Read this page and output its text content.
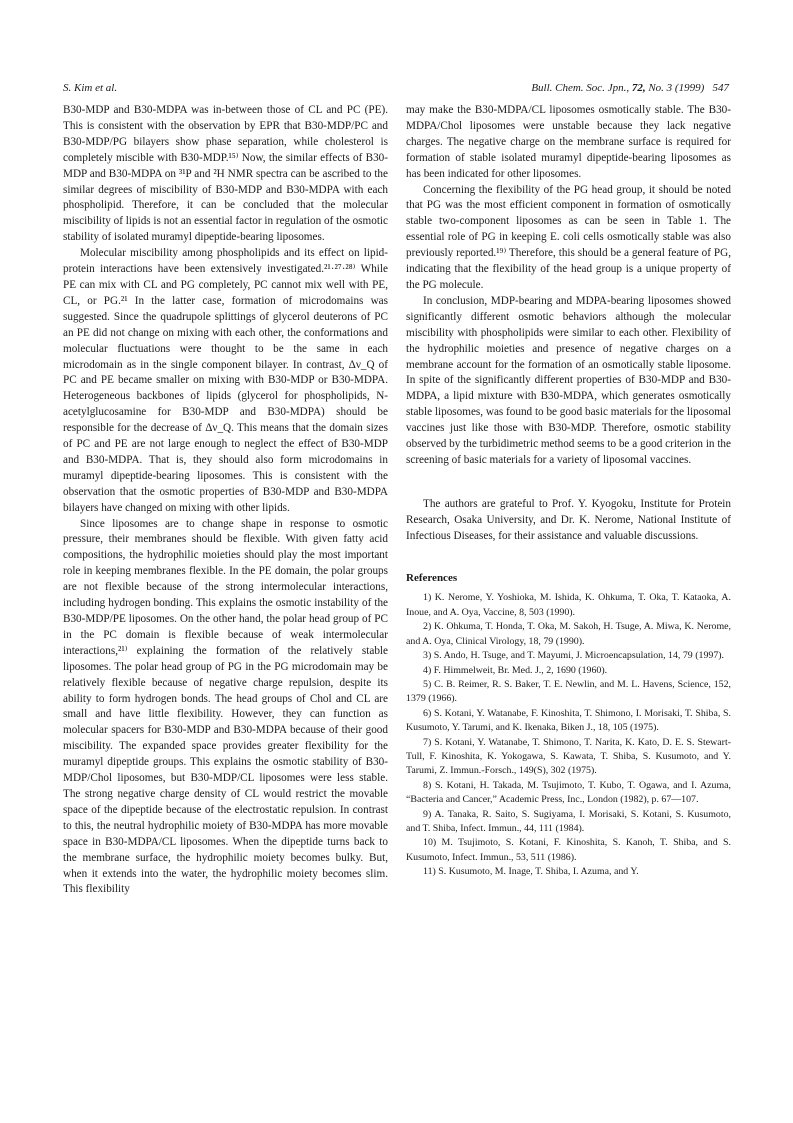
S. Kim et al.	Bull. Chem. Soc. Jpn., 72, No. 3 (1999) 547

B30-MDP and B30-MDPA was in-between those of CL and PC (PE). This is consistent with the observation by EPR that B30-MDP/PC and B30-MDP/PG bilayers show phase separation, while cholesterol is completely miscible with B30-MDP.¹⁵⁾ Now, the similar effects of B30-MDP and B30-MDPA on ³¹P and ²H NMR spectra can be ascribed to the similar degrees of miscibility of B30-MDP and B30-MDPA with each phospholipid. Therefore, it can be concluded that the molecular miscibility of lipids is not an essential factor in regulation of the osmotic stability of isolated muramyl dipeptide-bearing liposomes.

Molecular miscibility among phospholipids and its effect on lipid-protein interactions have been extensively investigated.²¹·²⁷·²⁸⁾ While PE can mix with CL and PG completely, PC cannot mix well with PE, CL, or PG.²¹ In the latter case, formation of microdomains was suggested. Since the quadrupole splittings of glycerol deuterons of PC an PE did not change on mixing with each other, the conformations and molecular fluctuations were thought to be the same in each microdomain as in the single component bilayer. In contrast, Δν_Q of PC and PE became smaller on mixing with B30-MDP or B30-MDPA. Heterogeneous backbones of lipids (glycerol for phospholipids, N-acetylglucosamine for B30-MDP and B30-MDPA) should be responsible for the decrease of Δν_Q. This means that the domain sizes of PC and PE are not large enough to neglect the effect of B30-MDP and B30-MDPA. That is, they should also form microdomains in muramyl dipeptide-bearing liposomes. This is consistent with the observation that the osmotic properties of B30-MDP and B30-MDPA bilayers have changed on mixing with other lipids.

Since liposomes are to change shape in response to osmotic pressure, their membranes should be flexible. With given fatty acid compositions, the hydrophilic moieties should play the most important role in keeping membranes flexible. In the PE domain, the polar groups are not flexible because of the strong intermolecular interactions, including hydrogen bonding. This explains the osmotic instability of the B30-MDP/PE liposomes. On the other hand, the polar head group of PC in the PC domain is flexible because of weak intermolecular interactions,²¹⁾ explaining the formation of the relatively stable liposomes. The polar head group of PG in the PG microdomain may be relatively flexible because of negative charge repulsion, despite its ability to form hydrogen bonds. The head groups of Chol and CL are small and have little flexibility. However, they can function as molecular spacers for B30-MDP and B30-MDPA because of their good miscibility. The expanded space provides greater flexibility for the muramyl dipeptide groups. This explains the osmotic stability of B30-MDP/Chol liposomes, but B30-MDP/CL liposomes were less stable. The strong negative charge density of CL would restrict the movable space of the dipeptide because of the electrostatic repulsion. In contrast to this, the neutral hydrophilic moiety of B30-MDPA has more movable space in B30-MDPA/CL liposomes. When the dipeptide turns back to the membrane surface, the hydrophilic moiety becomes bulky. But, when it extends into the water, the hydrophilic moiety becomes slim. This flexibility

may make the B30-MDPA/CL liposomes osmotically stable. The B30-MDPA/Chol liposomes were unstable because they lack negative charges. The negative charge on the membrane surface is required for formation of stable isolated muramyl dipeptide-bearing liposomes as has been indicated for other liposomes.

Concerning the flexibility of the PG head group, it should be noted that PG was the most efficient component in formation of osmotically stable two-component liposomes as can be seen in Table 1. The essential role of PG in keeping E. coli cells osmotically stable was also previously reported.¹⁹⁾ Therefore, this should be a general feature of PG, indicating that the flexibility of the head group is a unique property of the PG molecule.

In conclusion, MDP-bearing and MDPA-bearing liposomes showed significantly different osmotic behaviors although the molecular miscibility with phospholipids were similar to each other. Flexibility of the hydrophilic moieties and presence of negative charges on a membrane account for the formation of an osmotically stable liposome. In spite of the significantly different properties of B30-MDP and B30-MDPA, a lipid mixture with B30-MDPA, which generates osmotically stable liposomes, was found to be good basic materials for the liposomal vaccines just like those with B30-MDP. Therefore, osmotic stability observed by the turbidimetric method seems to be a good criterion in the screening of basic materials for a variety of liposomal vaccines.

The authors are grateful to Prof. Y. Kyogoku, Institute for Protein Research, Osaka University, and Dr. K. Nerome, National Institute of Infectious Diseases, for their assistance and valuable discussions.

References

1) K. Nerome, Y. Yoshioka, M. Ishida, K. Ohkuma, T. Oka, T. Kataoka, A. Inoue, and A. Oya, Vaccine, 8, 503 (1990).

2) K. Ohkuma, T. Honda, T. Oka, M. Sakoh, H. Tsuge, A. Miwa, K. Nerome, and A. Oya, Clinical Virology, 18, 79 (1990).

3) S. Ando, H. Tsuge, and T. Mayumi, J. Microencapsulation, 14, 79 (1997).

4) F. Himmelweit, Br. Med. J., 2, 1690 (1960).

5) C. B. Reimer, R. S. Baker, T. E. Newlin, and M. L. Havens, Science, 152, 1379 (1966).

6) S. Kotani, Y. Watanabe, F. Kinoshita, T. Shimono, I. Morisaki, T. Shiba, S. Kusumoto, Y. Tarumi, and K. Ikenaka, Biken J., 18, 105 (1975).

7) S. Kotani, Y. Watanabe, T. Shimono, T. Narita, K. Kato, D. E. S. Stewart-Tull, F. Kinoshita, K. Yokogawa, S. Kawata, T. Shiba, S. Kusumoto, and Y. Tarumi, Z. Immun.-Forsch., 149(S), 302 (1975).

8) S. Kotani, H. Takada, M. Tsujimoto, T. Kubo, T. Ogawa, and I. Azuma, “Bacteria and Cancer,” Academic Press, Inc., London (1982), p. 67—107.

9) A. Tanaka, R. Saito, S. Sugiyama, I. Morisaki, S. Kotani, S. Kusumoto, and T. Shiba, Infect. Immun., 44, 111 (1984).

10) M. Tsujimoto, S. Kotani, F. Kinoshita, S. Kanoh, T. Shiba, and S. Kusumoto, Infect. Immun., 53, 511 (1986).

11) S. Kusumoto, M. Inage, T. Shiba, I. Azuma, and Y.
